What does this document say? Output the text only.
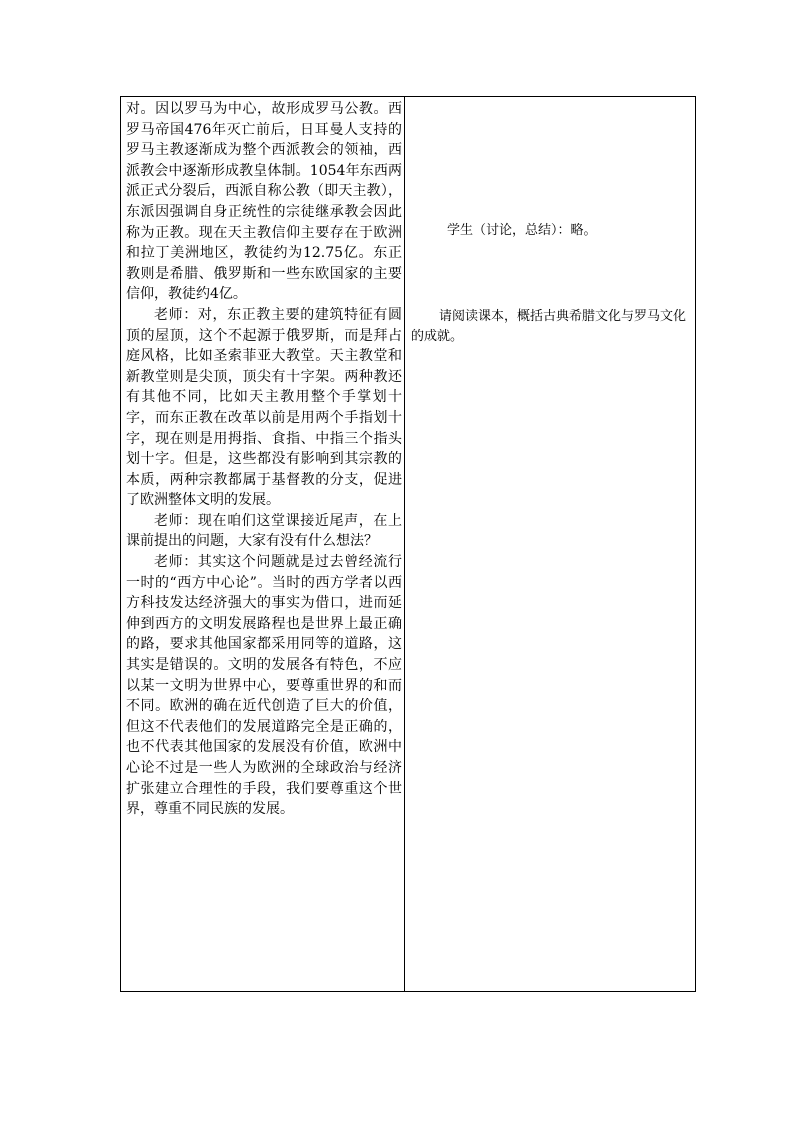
对。因以罗马为中心，故形成罗马公教。西罗马帝国476年灭亡前后，日耳曼人支持的罗马主教逐渐成为整个西派教会的领袖，西派教会中逐渐形成教皇体制。1054年东西两派正式分裂后，西派自称公教（即天主教），东派因强调自身正统性的宗徒继承教会因此称为正教。现在天主教信仰主要存在于欧洲和拉丁美洲地区，教徒约为12.75亿。东正教则是希腊、俄罗斯和一些东欧国家的主要信仰，教徒约4亿。

老师：对，东正教主要的建筑特征有圆顶的屋顶，这个不起源于俄罗斯，而是拜占庭风格，比如圣索菲亚大教堂。天主教堂和新教堂则是尖顶，顶尖有十字架。两种教还有其他不同，比如天主教用整个手掌划十字，而东正教在改革以前是用两个手指划十字，现在则是用拇指、食指、中指三个指头划十字。但是，这些都没有影响到其宗教的本质，两种宗教都属于基督教的分支，促进了欧洲整体文明的发展。

老师：现在咱们这堂课接近尾声，在上课前提出的问题，大家有没有什么想法？

老师：其实这个问题就是过去曾经流行一时的“西方中心论”。当时的西方学者以西方科技发达经济强大的事实为借口，进而延伸到西方的文明发展路程也是世界上最正确的路，要求其他国家都采用同等的道路，这其实是错误的。文明的发展各有特色，不应以某一文明为世界中心，要尊重世界的和而不同。欧洲的确在近代创造了巨大的价值，但这不代表他们的发展道路完全是正确的，也不代表其他国家的发展没有价值，欧洲中心论不过是一些人为欧洲的全球政治与经济扩张建立合理性的手段，我们要尊重这个世界，尊重不同民族的发展。

学生（讨论，总结）：略。

请阅读课本，概括古典希腊文化与罗马文化的成就。
